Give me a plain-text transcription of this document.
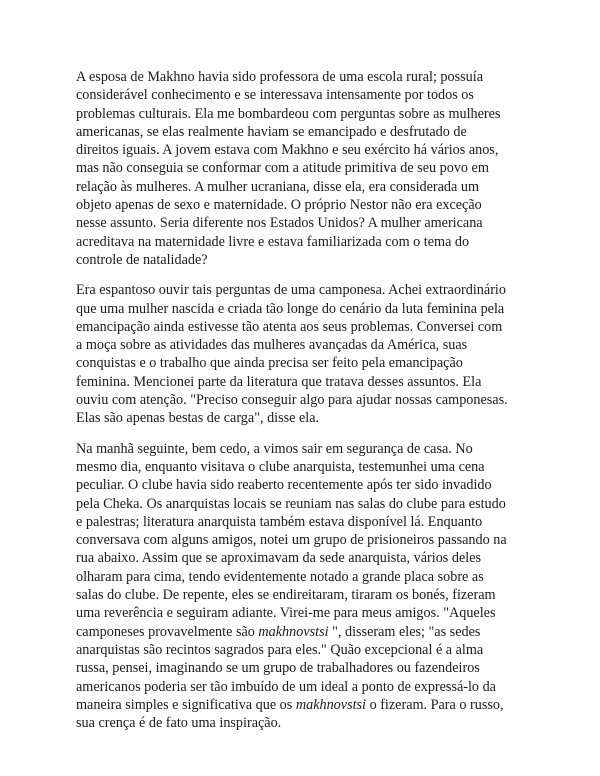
A esposa de Makhno havia sido professora de uma escola rural; possuía
considerável conhecimento e se interessava intensamente por todos os
problemas culturais. Ela me bombardeou com perguntas sobre as mulheres
americanas, se elas realmente haviam se emancipado e desfrutado de
direitos iguais. A jovem estava com Makhno e seu exército há vários anos,
mas não conseguia se conformar com a atitude primitiva de seu povo em
relação às mulheres. A mulher ucraniana, disse ela, era considerada um
objeto apenas de sexo e maternidade. O próprio Nestor não era exceção
nesse assunto. Seria diferente nos Estados Unidos? A mulher americana
acreditava na maternidade livre e estava familiarizada com o tema do
controle de natalidade?

Era espantoso ouvir tais perguntas de uma camponesa. Achei extraordinário
que uma mulher nascida e criada tão longe do cenário da luta feminina pela
emancipação ainda estivesse tão atenta aos seus problemas. Conversei com
a moça sobre as atividades das mulheres avançadas da América, suas
conquistas e o trabalho que ainda precisa ser feito pela emancipação
feminina. Mencionei parte da literatura que tratava desses assuntos. Ela
ouviu com atenção. "Preciso conseguir algo para ajudar nossas camponesas.
Elas são apenas bestas de carga", disse ela.

Na manhã seguinte, bem cedo, a vimos sair em segurança de casa. No
mesmo dia, enquanto visitava o clube anarquista, testemunhei uma cena
peculiar. O clube havia sido reaberto recentemente após ter sido invadido
pela Cheka. Os anarquistas locais se reuniam nas salas do clube para estudo
e palestras; literatura anarquista também estava disponível lá. Enquanto
conversava com alguns amigos, notei um grupo de prisioneiros passando na
rua abaixo. Assim que se aproximavam da sede anarquista, vários deles
olharam para cima, tendo evidentemente notado a grande placa sobre as
salas do clube. De repente, eles se endireitaram, tiraram os bonés, fizeram
uma reverência e seguiram adiante. Virei-me para meus amigos. "Aqueles
camponeses provavelmente são makhnovstsi ", disseram eles; "as sedes
anarquistas são recintos sagrados para eles." Quão excepcional é a alma
russa, pensei, imaginando se um grupo de trabalhadores ou fazendeiros
americanos poderia ser tão imbuído de um ideal a ponto de expressá-lo da
maneira simples e significativa que os makhnovstsi o fizeram. Para o russo,
sua crença é de fato uma inspiração.
